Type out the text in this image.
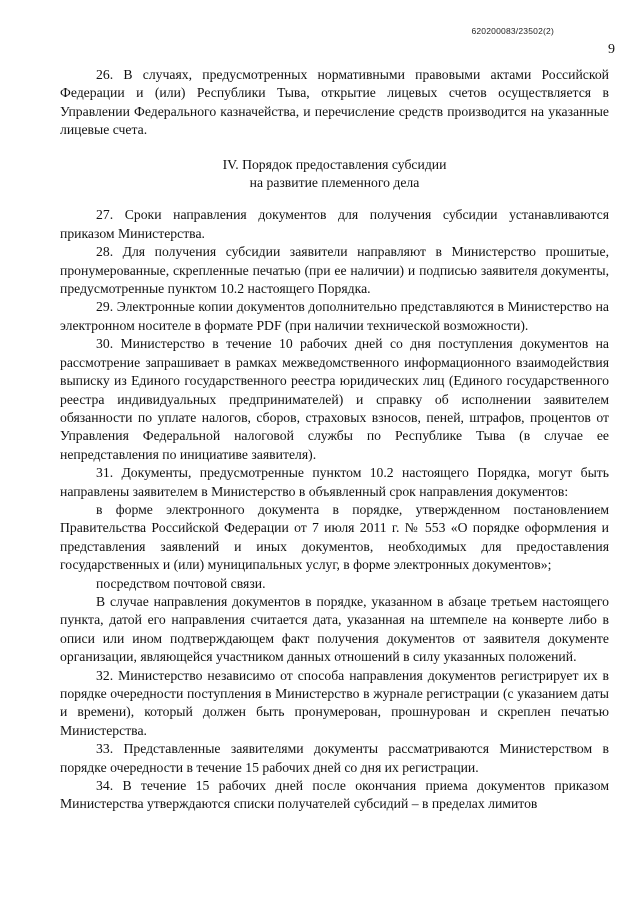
620200083/23502(2)
9

26. В случаях, предусмотренных нормативными правовыми актами Российской Федерации и (или) Республики Тыва, открытие лицевых счетов осуществляется в Управлении Федерального казначейства, и перечисление средств производится на указанные лицевые счета.

IV. Порядок предоставления субсидии
на развитие племенного дела

27. Сроки направления документов для получения субсидии устанавливаются приказом Министерства.

28. Для получения субсидии заявители направляют в Министерство прошитые, пронумерованные, скрепленные печатью (при ее наличии) и подписью заявителя документы, предусмотренные пунктом 10.2 настоящего Порядка.

29. Электронные копии документов дополнительно представляются в Министерство на электронном носителе в формате PDF (при наличии технической возможности).

30. Министерство в течение 10 рабочих дней со дня поступления документов на рассмотрение запрашивает в рамках межведомственного информационного взаимодействия выписку из Единого государственного реестра юридических лиц (Единого государственного реестра индивидуальных предпринимателей) и справку об исполнении заявителем обязанности по уплате налогов, сборов, страховых взносов, пеней, штрафов, процентов от Управления Федеральной налоговой службы по Республике Тыва (в случае ее непредставления по инициативе заявителя).

31. Документы, предусмотренные пунктом 10.2 настоящего Порядка, могут быть направлены заявителем в Министерство в объявленный срок направления документов:

в форме электронного документа в порядке, утвержденном постановлением Правительства Российской Федерации от 7 июля 2011 г. № 553 «О порядке оформления и представления заявлений и иных документов, необходимых для предоставления государственных и (или) муниципальных услуг, в форме электронных документов»;

посредством почтовой связи.

В случае направления документов в порядке, указанном в абзаце третьем настоящего пункта, датой его направления считается дата, указанная на штемпеле на конверте либо в описи или ином подтверждающем факт получения документов от заявителя документе организации, являющейся участником данных отношений в силу указанных положений.

32. Министерство независимо от способа направления документов регистрирует их в порядке очередности поступления в Министерство в журнале регистрации (с указанием даты и времени), который должен быть пронумерован, прошнурован и скреплен печатью Министерства.

33. Представленные заявителями документы рассматриваются Министерством в порядке очередности в течение 15 рабочих дней со дня их регистрации.

34. В течение 15 рабочих дней после окончания приема документов приказом Министерства утверждаются списки получателей субсидий – в пределах лимитов
